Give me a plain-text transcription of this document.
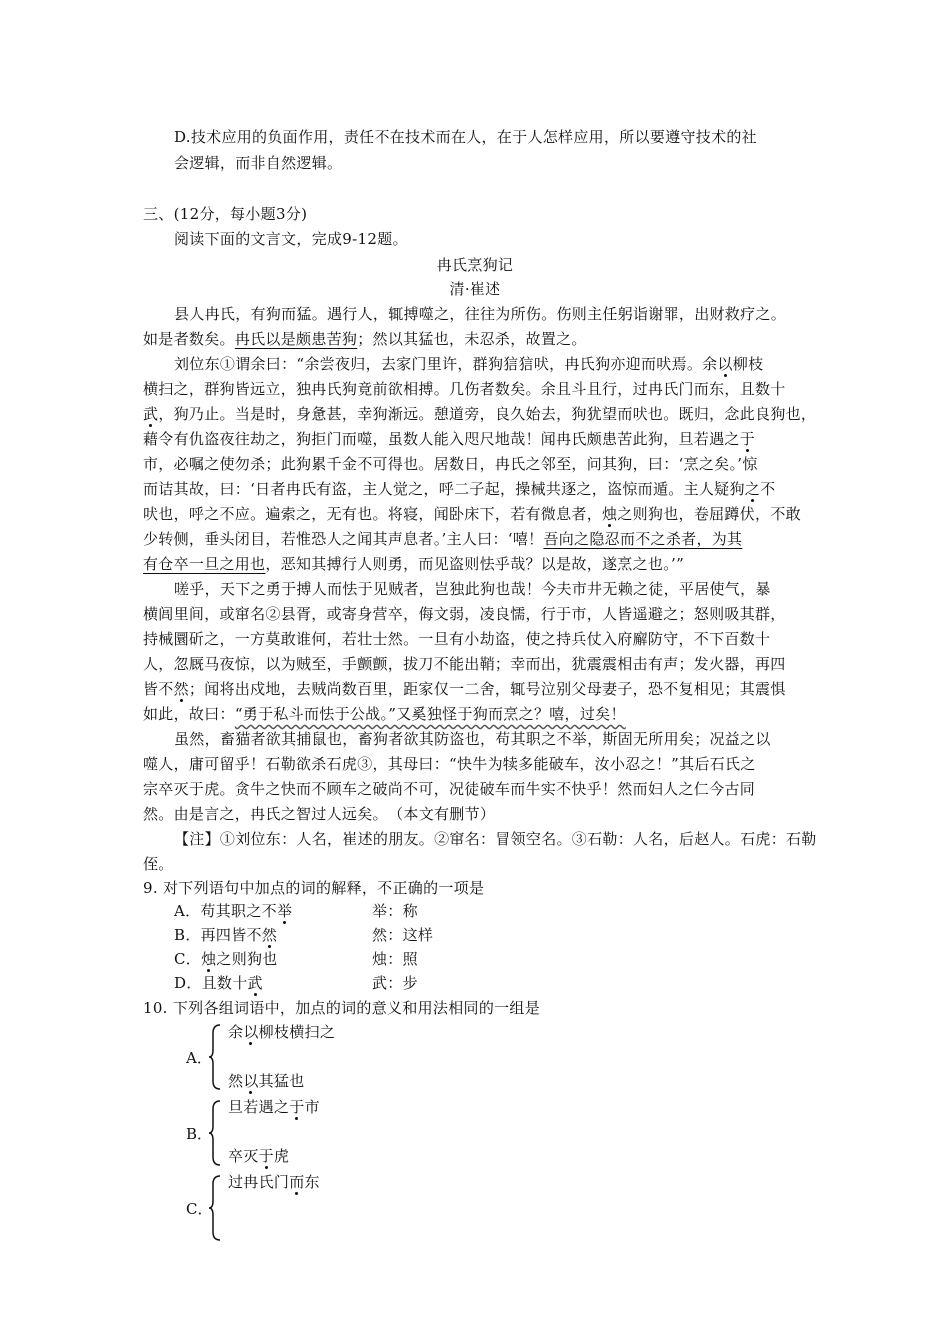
D.技术应用的负面作用，责任不在技术而在人，在于人怎样应用，所以要遵守技术的社
会逻辑，而非自然逻辑。
三、(12分，每小题3分)
阅读下面的文言文，完成9-12题。
冉氏烹狗记
清·崔述
县人冉氏，有狗而猛。遇行人，辄搏噬之，往往为所伤。伤则主任躬诣谢罪，出财救疗之。
如是者数矣。冉氏以是颇患苦狗；然以其猛也，未忍杀，故置之。
刘位东①谓余曰：“余尝夜归，去家门里许，群狗狺狺吠，冉氏狗亦迎而吠焉。余以柳枝
横扫之，群狗皆远立，独冉氏狗竟前欲相搏。几伤者数矣。余且斗且行，过冉氏门而东，且数十
武，狗乃止。当是时，身惫甚，幸狗渐远。憩道旁，良久始去，狗犹望而吠也。既归，念此良狗也，
藉令有仇盗夜往劫之，狗拒门而噬，虽数人能入咫尺地哉！闻冉氏颇患苦此狗，旦若遇之于
市，必嘱之使勿杀；此狗累千金不可得也。居数日，冉氏之邻至，问其狗，曰：‘烹之矣。’惊
而诘其故，曰：‘日者冉氏有盗，主人觉之，呼二子起，操械共逐之，盗惊而遁。主人疑狗之不
吠也，呼之不应。遍索之，无有也。将寝，闻卧床下，若有微息者，烛之则狗也，卷屈蹲伏，不敢
少转侧，垂头闭目，若惟恐人之闻其声息者。’主人曰：‘嘻！吾向之隐忍而不之杀者，为其
有仓卒一旦之用也，恶知其搏行人则勇，而见盗则怯乎哉？以是故，遂烹之也。’”
嗟乎，天下之勇于搏人而怯于见贼者，岂独此狗也哉！今夫市井无赖之徒，平居使气，暴
横闾里间，或窜名②县胥，或寄身营卒，侮文弱，凌良懦，行于市，人皆遥避之；怒则吸其群，
持械圜斫之，一方莫敢谁何，若壮士然。一旦有小劫盗，使之持兵仗入府廨防守，不下百数十
人，忽厩马夜惊，以为贼至，手颤颤，拔刀不能出鞘；幸而出，犹震震相击有声；发火器，再四
皆不然；闻将出戍地，去贼尚数百里，距家仅一二舍，辄号泣别父母妻子，恐不复相见；其震惧
如此，故曰：“勇于私斗而怯于公战。”又奚独怪于狗而烹之？嘻，过矣！
虽然，畜猫者欲其捕鼠也，畜狗者欲其防盗也，苟其职之不举，斯固无所用矣；况益之以
噬人，庸可留乎！石勒欲杀石虎③，其母曰：“快牛为犊多能破车，汝小忍之！”其后石氏之
宗卒灭于虎。贪牛之快而不顾车之破尚不可，况徒破车而牛实不快乎！然而妇人之仁今古同
然。由是言之，冉氏之智过人远矣。　（本文有删节）
【注】①刘位东：人名，崔述的朋友。②窜名：冒领空名。③石勒：人名，后赵人。石虎：石勒
侄。
9. 对下列语句中加点的词的解释，不正确的一项是
A．苟其职之不举	举：称
B．再四皆不然	然：这样
C．烛之则狗也	烛：照
D．且数十武	武：步
10. 下列各组词语中，加点的词的意义和用法相同的一组是
A．
余以柳枝横扫之
然以其猛也
B．
旦若遇之于市
卒灭于虎
C．
过冉氏门而东
